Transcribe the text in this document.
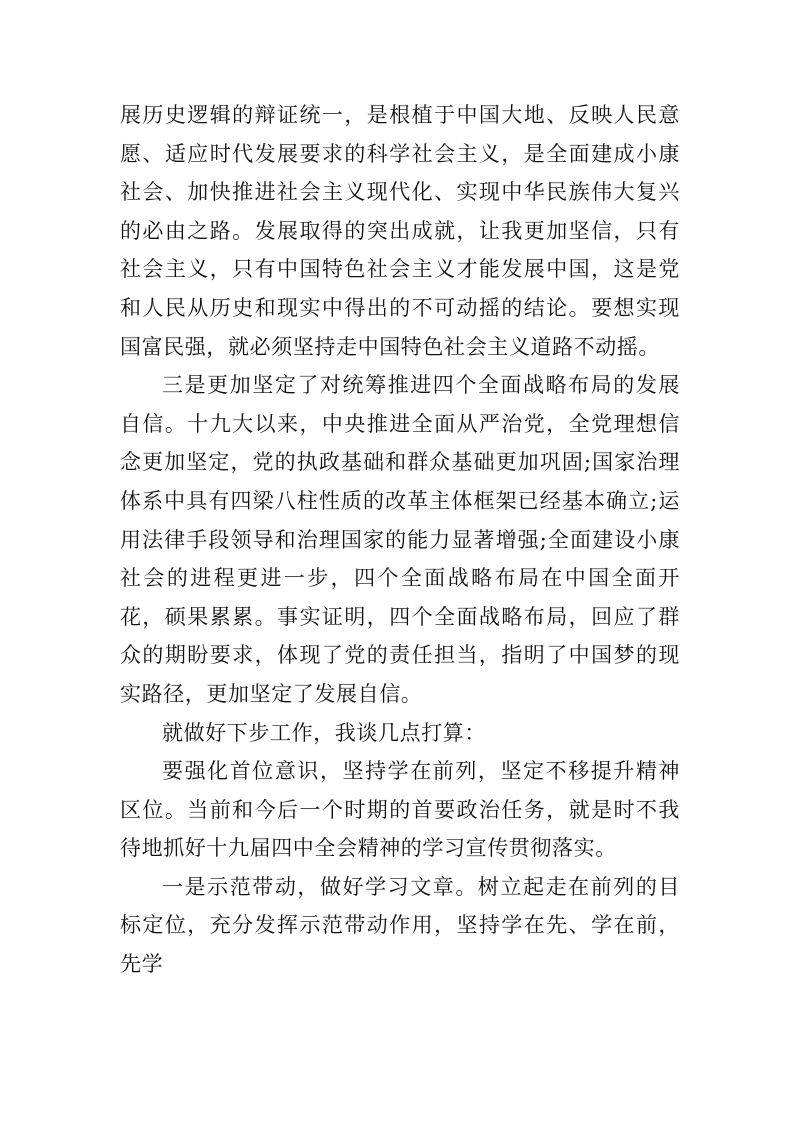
展历史逻辑的辩证统一，是根植于中国大地、反映人民意愿、适应时代发展要求的科学社会主义，是全面建成小康社会、加快推进社会主义现代化、实现中华民族伟大复兴的必由之路。发展取得的突出成就，让我更加坚信，只有社会主义，只有中国特色社会主义才能发展中国，这是党和人民从历史和现实中得出的不可动摇的结论。要想实现国富民强，就必须坚持走中国特色社会主义道路不动摇。

三是更加坚定了对统筹推进四个全面战略布局的发展自信。十九大以来，中央推进全面从严治党，全党理想信念更加坚定，党的执政基础和群众基础更加巩固;国家治理体系中具有四梁八柱性质的改革主体框架已经基本确立;运用法律手段领导和治理国家的能力显著增强;全面建设小康社会的进程更进一步，四个全面战略布局在中国全面开花，硕果累累。事实证明，四个全面战略布局，回应了群众的期盼要求，体现了党的责任担当，指明了中国梦的现实路径，更加坚定了发展自信。

就做好下步工作，我谈几点打算：

要强化首位意识，坚持学在前列，坚定不移提升精神区位。当前和今后一个时期的首要政治任务，就是时不我待地抓好十九届四中全会精神的学习宣传贯彻落实。

一是示范带动，做好学习文章。树立起走在前列的目标定位，充分发挥示范带动作用，坚持学在先、学在前，先学
